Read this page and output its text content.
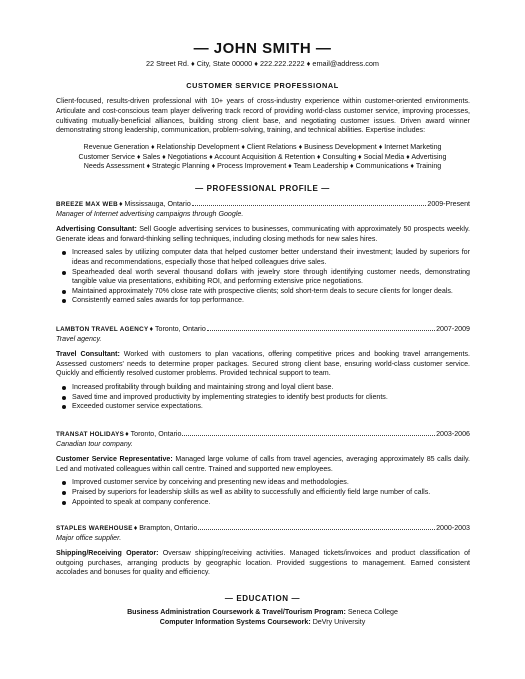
— JOHN SMITH —
22 Street Rd. ♦ City, State 00000 ♦ 222.222.2222 ♦ email@address.com
CUSTOMER SERVICE PROFESSIONAL
Client-focused, results-driven professional with 10+ years of cross-industry experience within customer-oriented environments. Articulate and cost-conscious team player delivering track record of providing world-class customer service, improving processes, cultivating mutually-beneficial alliances, building strong client base, and negotiating customer issues. Driven award winner demonstrating strong leadership, communication, problem-solving, training, and technical abilities. Expertise includes:
Revenue Generation ♦ Relationship Development ♦ Client Relations ♦ Business Development ♦ Internet Marketing
Customer Service ♦ Sales ♦ Negotiations ♦ Account Acquisition & Retention ♦ Consulting ♦ Social Media ♦ Advertising
Needs Assessment ♦ Strategic Planning ♦ Process Improvement ♦ Team Leadership ♦ Communications ♦ Training
— PROFESSIONAL PROFILE —
BREEZE MAX WEB ♦ Mississauga, Ontario	2009-Present
Manager of Internet advertising campaigns through Google.
Advertising Consultant: Sell Google advertising services to businesses, communicating with approximately 50 prospects weekly. Generate ideas and forward-thinking selling techniques, including closing methods for new sales hires.
Increased sales by utilizing computer data that helped customer better understand their investment; lauded by superiors for ideas and recommendations, especially those that helped colleagues drive sales.
Spearheaded deal worth several thousand dollars with jewelry store through identifying customer needs, demonstrating tangible value via presentations, exhibiting ROI, and performing extensive price negotiations.
Maintained approximately 70% close rate with prospective clients; sold short-term deals to secure clients for longer deals.
Consistently earned sales awards for top performance.
LAMBTON TRAVEL AGENCY ♦ Toronto, Ontario	2007-2009
Travel agency.
Travel Consultant: Worked with customers to plan vacations, offering competitive prices and booking travel arrangements. Assessed customers' needs to determine proper packages. Secured strong client base, ensuring world-class customer service. Quickly and efficiently resolved customer problems. Provided technical support to team.
Increased profitability through building and maintaining strong and loyal client base.
Saved time and improved productivity by implementing strategies to identify best products for clients.
Exceeded customer service expectations.
TRANSAT HOLIDAYS ♦ Toronto, Ontario	2003-2006
Canadian tour company.
Customer Service Representative: Managed large volume of calls from travel agencies, averaging approximately 85 calls daily. Led and motivated colleagues within call centre. Trained and supported new employees.
Improved customer service by conceiving and presenting new ideas and methodologies.
Praised by superiors for leadership skills as well as ability to successfully and efficiently field large number of calls.
Appointed to speak at company conference.
STAPLES WAREHOUSE ♦ Brampton, Ontario	2000-2003
Major office supplier.
Shipping/Receiving Operator: Oversaw shipping/receiving activities. Managed tickets/invoices and product classification of outgoing purchases, arranging products by geographic location. Provided suggestions to management. Earned consistent accolades and bonuses for quality and efficiency.
— EDUCATION —
Business Administration Coursework & Travel/Tourism Program: Seneca College
Computer Information Systems Coursework: DeVry University
